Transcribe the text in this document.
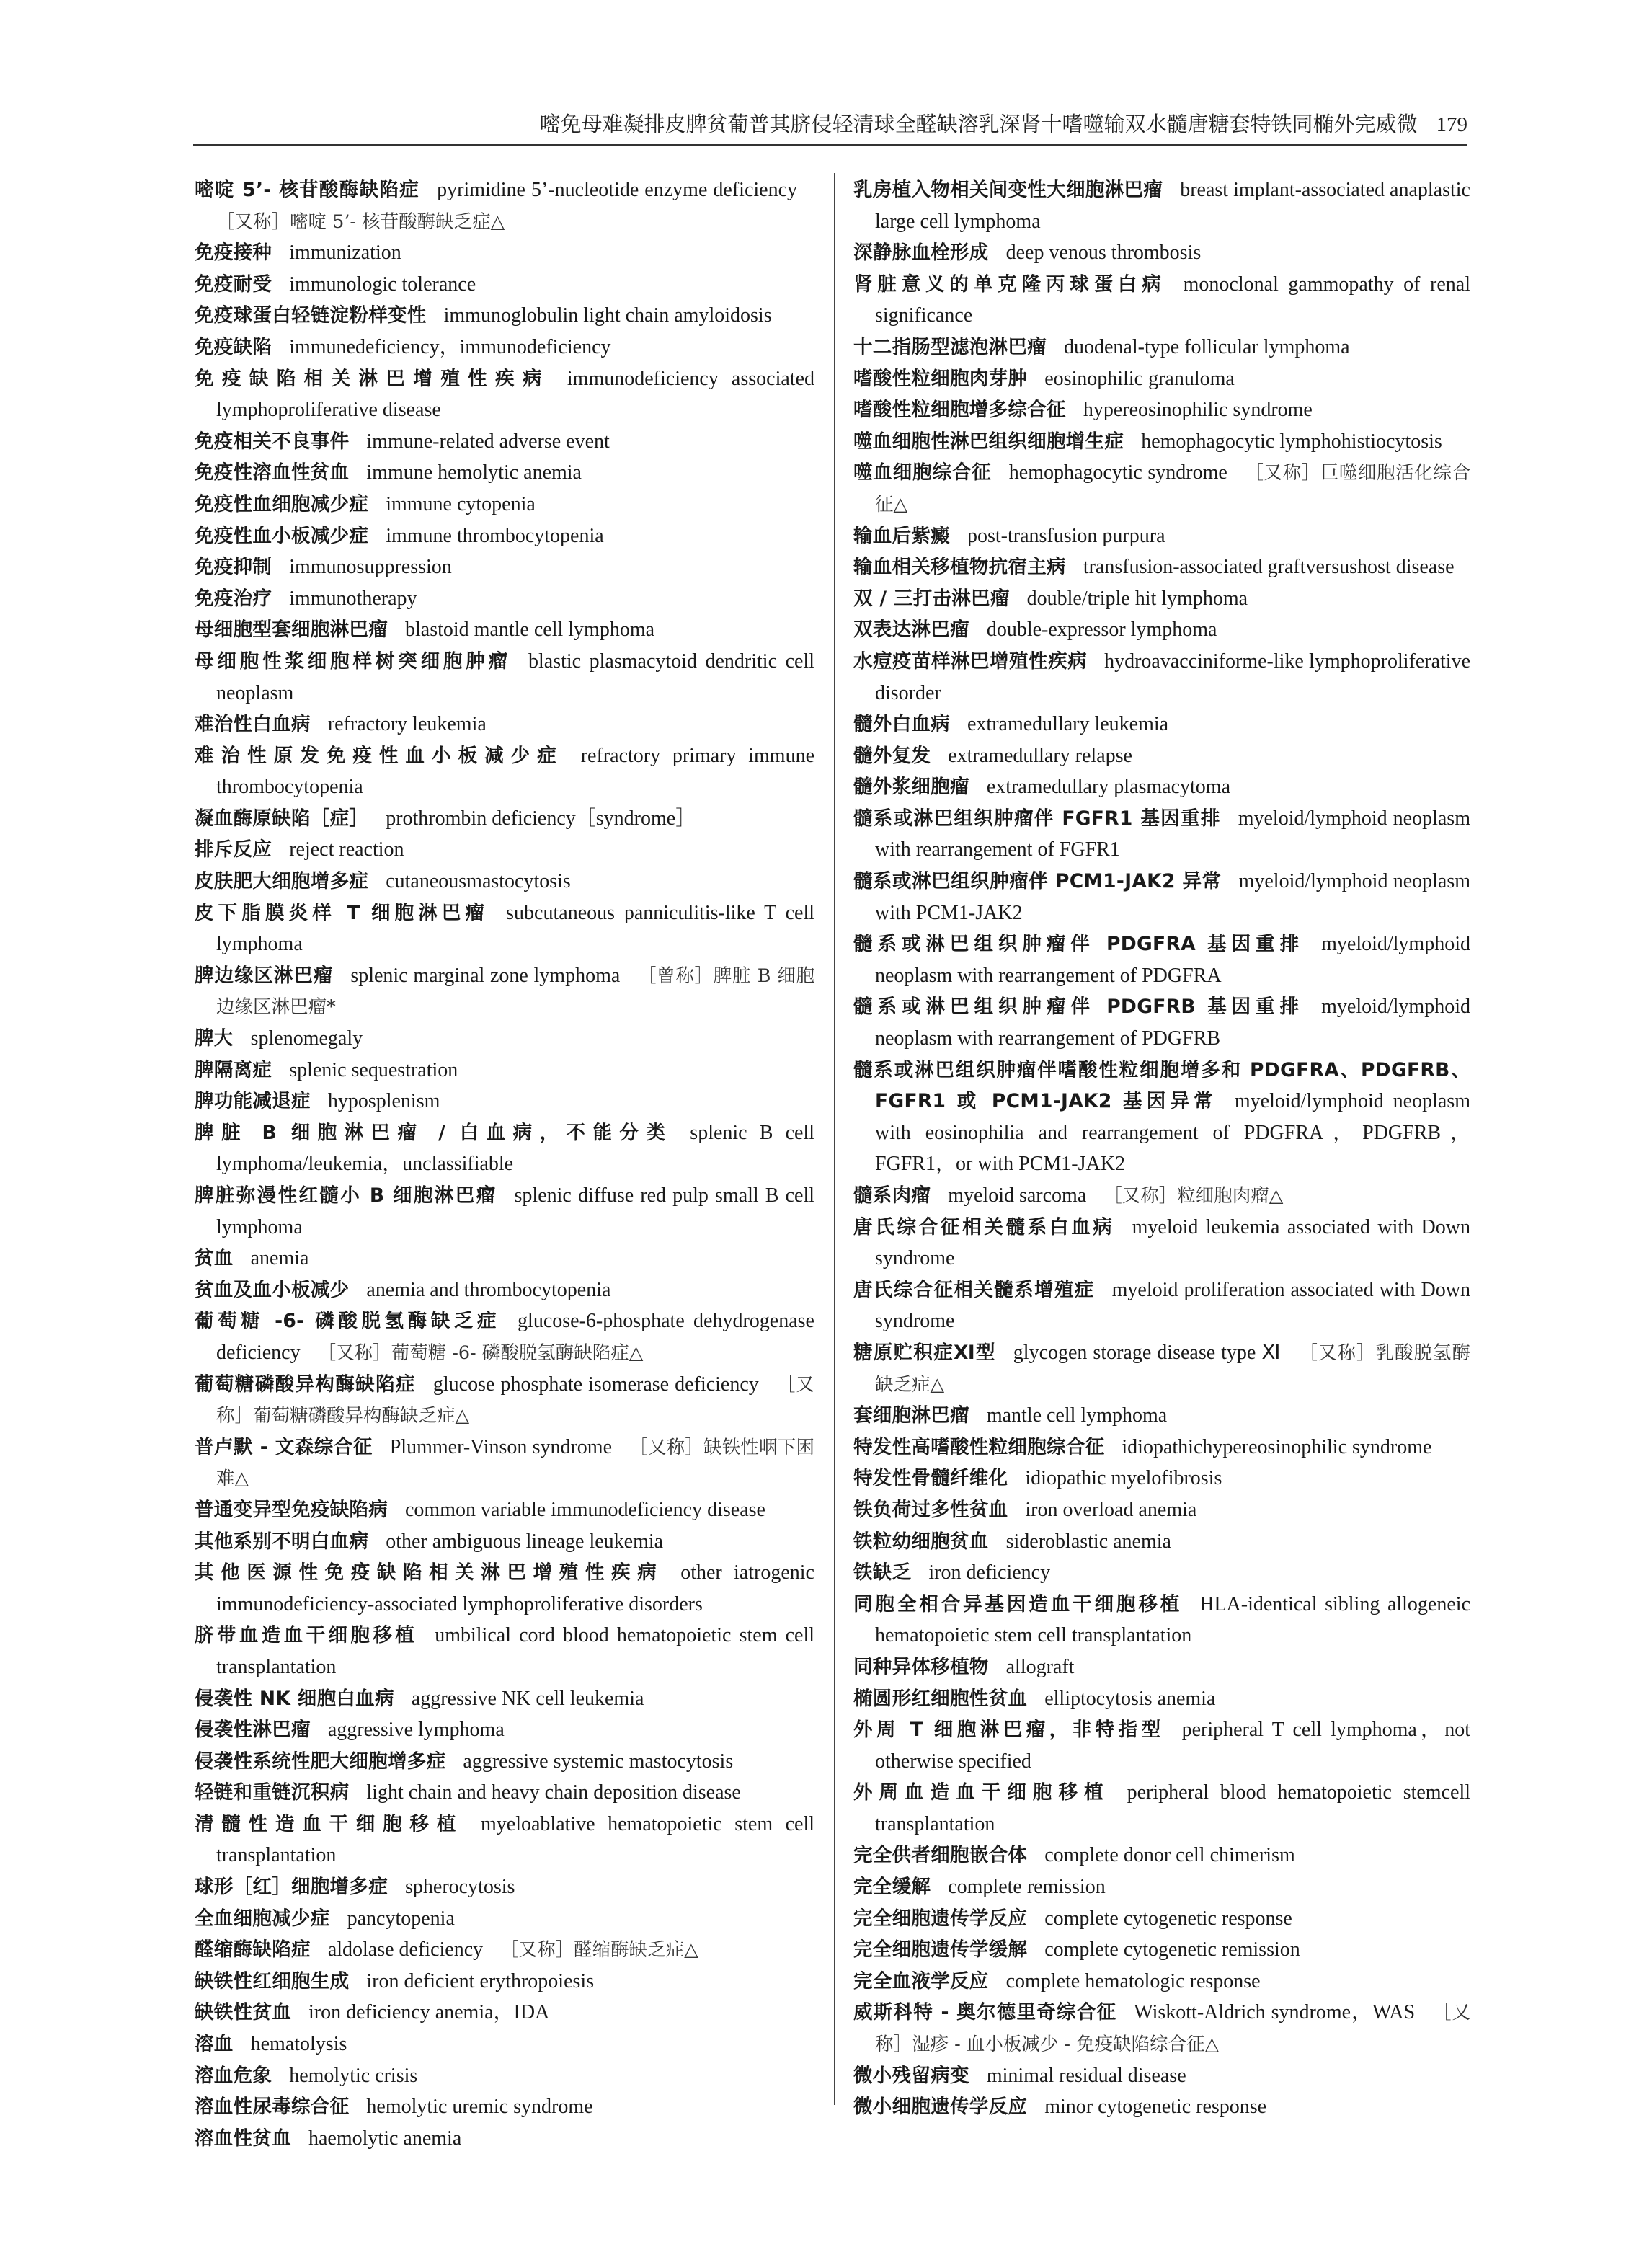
嘧免母难凝排皮脾贫葡普其脐侵轻清球全醛缺溶乳深肾十嗜噬输双水髓唐糖套特铁同椭外完威微 179
嘧啶 5’- 核苷酸酶缺陷症 pyrimidine 5’-nucleotide enzyme deficiency［又称］嘧啶 5’- 核苷酸酶缺乏症△
免疫接种 immunization
免疫耐受 immunologic tolerance
免疫球蛋白轻链淀粉样变性 immunoglobulin light chain amyloidosis
免疫缺陷 immunedeficiency，immunodeficiency
免疫缺陷相关淋巴增殖性疾病 immunodeficiency associated lymphoproliferative disease
免疫相关不良事件 immune-related adverse event
免疫性溶血性贫血 immune hemolytic anemia
免疫性血细胞减少症 immune cytopenia
免疫性血小板减少症 immune thrombocytopenia
免疫抑制 immunosuppression
免疫治疗 immunotherapy
母细胞型套细胞淋巴瘤 blastoid mantle cell lymphoma
母细胞性浆细胞样树突细胞肿瘤 blastic plasmacytoid dendritic cell neoplasm
难治性白血病 refractory leukemia
难治性原发免疫性血小板减少症 refractory primary immune thrombocytopenia
凝血酶原缺陷［症］ prothrombin deficiency［syndrome］
排斥反应 reject reaction
皮肤肥大细胞增多症 cutaneousmastocytosis
皮下脂膜炎样 T 细胞淋巴瘤 subcutaneous panniculitis-like T cell lymphoma
脾边缘区淋巴瘤 splenic marginal zone lymphoma ［曾称］脾脏 B 细胞边缘区淋巴瘤*
脾大 splenomegaly
脾隔离症 splenic sequestration
脾功能减退症 hyposplenism
脾脏 B 细胞淋巴瘤 / 白血病，不能分类 splenic B cell lymphoma/leukemia，unclassifiable
脾脏弥漫性红髓小 B 细胞淋巴瘤 splenic diffuse red pulp small B cell lymphoma
贫血 anemia
贫血及血小板减少 anemia and thrombocytopenia
葡萄糖 -6- 磷酸脱氢酶缺乏症 glucose-6-phosphate dehydrogenase deficiency ［又称］葡萄糖 -6- 磷酸脱氢酶缺陷症△
葡萄糖磷酸异构酶缺陷症 glucose phosphate isomerase deficiency ［又称］葡萄糖磷酸异构酶缺乏症△
普卢默 - 文森综合征 Plummer-Vinson syndrome ［又称］缺铁性咽下困难△
普通变异型免疫缺陷病 common variable immunodeficiency disease
其他系别不明白血病 other ambiguous lineage leukemia
其他医源性免疫缺陷相关淋巴增殖性疾病 other iatrogenic immunodeficiency-associated lymphoproliferative disorders
脐带血造血干细胞移植 umbilical cord blood hematopoietic stem cell transplantation
侵袭性 NK 细胞白血病 aggressive NK cell leukemia
侵袭性淋巴瘤 aggressive lymphoma
侵袭性系统性肥大细胞增多症 aggressive systemic mastocytosis
轻链和重链沉积病 light chain and heavy chain deposition disease
清髓性造血干细胞移植 myeloablative hematopoietic stem cell transplantation
球形［红］细胞增多症 spherocytosis
全血细胞减少症 pancytopenia
醛缩酶缺陷症 aldolase deficiency ［又称］醛缩酶缺乏症△
缺铁性红细胞生成 iron deficient erythropoiesis
缺铁性贫血 iron deficiency anemia，IDA
溶血 hematolysis
溶血危象 hemolytic crisis
溶血性尿毒综合征 hemolytic uremic syndrome
溶血性贫血 haemolytic anemia
乳房植入物相关间变性大细胞淋巴瘤 breast implant-associated anaplastic large cell lymphoma
深静脉血栓形成 deep venous thrombosis
肾脏意义的单克隆丙球蛋白病 monoclonal gammopathy of renal significance
十二指肠型滤泡淋巴瘤 duodenal-type follicular lymphoma
嗜酸性粒细胞肉芽肿 eosinophilic granuloma
嗜酸性粒细胞增多综合征 hypereosinophilic syndrome
噬血细胞性淋巴组织细胞增生症 hemophagocytic lymphohistiocytosis
噬血细胞综合征 hemophagocytic syndrome ［又称］巨噬细胞活化综合征△
输血后紫癜 post-transfusion purpura
输血相关移植物抗宿主病 transfusion-associated graftversushost disease
双 / 三打击淋巴瘤 double/triple hit lymphoma
双表达淋巴瘤 double-expressor lymphoma
水痘疫苗样淋巴增殖性疾病 hydroavacciniforme-like lymphoproliferative disorder
髓外白血病 extramedullary leukemia
髓外复发 extramedullary relapse
髓外浆细胞瘤 extramedullary plasmacytoma
髓系或淋巴组织肿瘤伴 FGFR1 基因重排 myeloid/lymphoid neoplasm with rearrangement of FGFR1
髓系或淋巴组织肿瘤伴 PCM1-JAK2 异常 myeloid/lymphoid neoplasm with PCM1-JAK2
髓系或淋巴组织肿瘤伴 PDGFRA 基因重排 myeloid/lymphoid neoplasm with rearrangement of PDGFRA
髓系或淋巴组织肿瘤伴 PDGFRB 基因重排 myeloid/lymphoid neoplasm with rearrangement of PDGFRB
髓系或淋巴组织肿瘤伴嗜酸性粒细胞增多和 PDGFRA、PDGFRB、FGFR1 或 PCM1-JAK2 基因异常 myeloid/lymphoid neoplasm with eosinophilia and rearrangement of PDGFRA，PDGFRB，FGFR1，or with PCM1-JAK2
髓系肉瘤 myeloid sarcoma ［又称］粒细胞肉瘤△
唐氏综合征相关髓系白血病 myeloid leukemia associated with Down syndrome
唐氏综合征相关髓系增殖症 myeloid proliferation associated with Down syndrome
糖原贮积症Ⅺ型 glycogen storage disease type Ⅺ ［又称］乳酸脱氢酶缺乏症△
套细胞淋巴瘤 mantle cell lymphoma
特发性高嗜酸性粒细胞综合征 idiopathichypereosinophilic syndrome
特发性骨髓纤维化 idiopathic myelofibrosis
铁负荷过多性贫血 iron overload anemia
铁粒幼细胞贫血 sideroblastic anemia
铁缺乏 iron deficiency
同胞全相合异基因造血干细胞移植 HLA-identical sibling allogeneic hematopoietic stem cell transplantation
同种异体移植物 allograft
椭圆形红细胞性贫血 elliptocytosis anemia
外周 T 细胞淋巴瘤，非特指型 peripheral T cell lymphoma，not otherwise specified
外周血造血干细胞移植 peripheral blood hematopoietic stemcell transplantation
完全供者细胞嵌合体 complete donor cell chimerism
完全缓解 complete remission
完全细胞遗传学反应 complete cytogenetic response
完全细胞遗传学缓解 complete cytogenetic remission
完全血液学反应 complete hematologic response
威斯科特 - 奥尔德里奇综合征 Wiskott-Aldrich syndrome，WAS ［又称］湿疹 - 血小板减少 - 免疫缺陷综合征△
微小残留病变 minimal residual disease
微小细胞遗传学反应 minor cytogenetic response
